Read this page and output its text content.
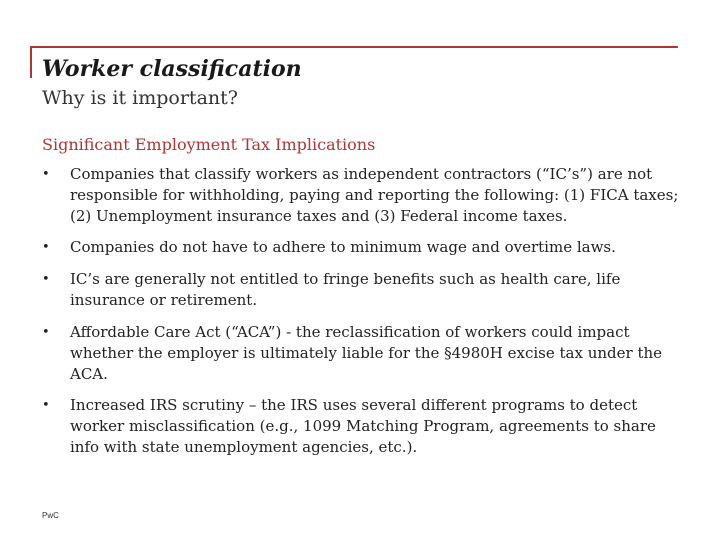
Worker classification
Why is it important?
Significant Employment Tax Implications
• Companies that classify workers as independent contractors (“IC’s”) are not responsible for withholding, paying and reporting the following: (1) FICA taxes; (2) Unemployment insurance taxes and (3) Federal income taxes.
• Companies do not have to adhere to minimum wage and overtime laws.
• IC’s are generally not entitled to fringe benefits such as health care, life insurance or retirement.
• Affordable Care Act (“ACA”) - the reclassification of workers could impact whether the employer is ultimately liable for the §4980H excise tax under the ACA.
• Increased IRS scrutiny – the IRS uses several different programs to detect worker misclassification (e.g., 1099 Matching Program, agreements to share info with state unemployment agencies, etc.).
PwC
